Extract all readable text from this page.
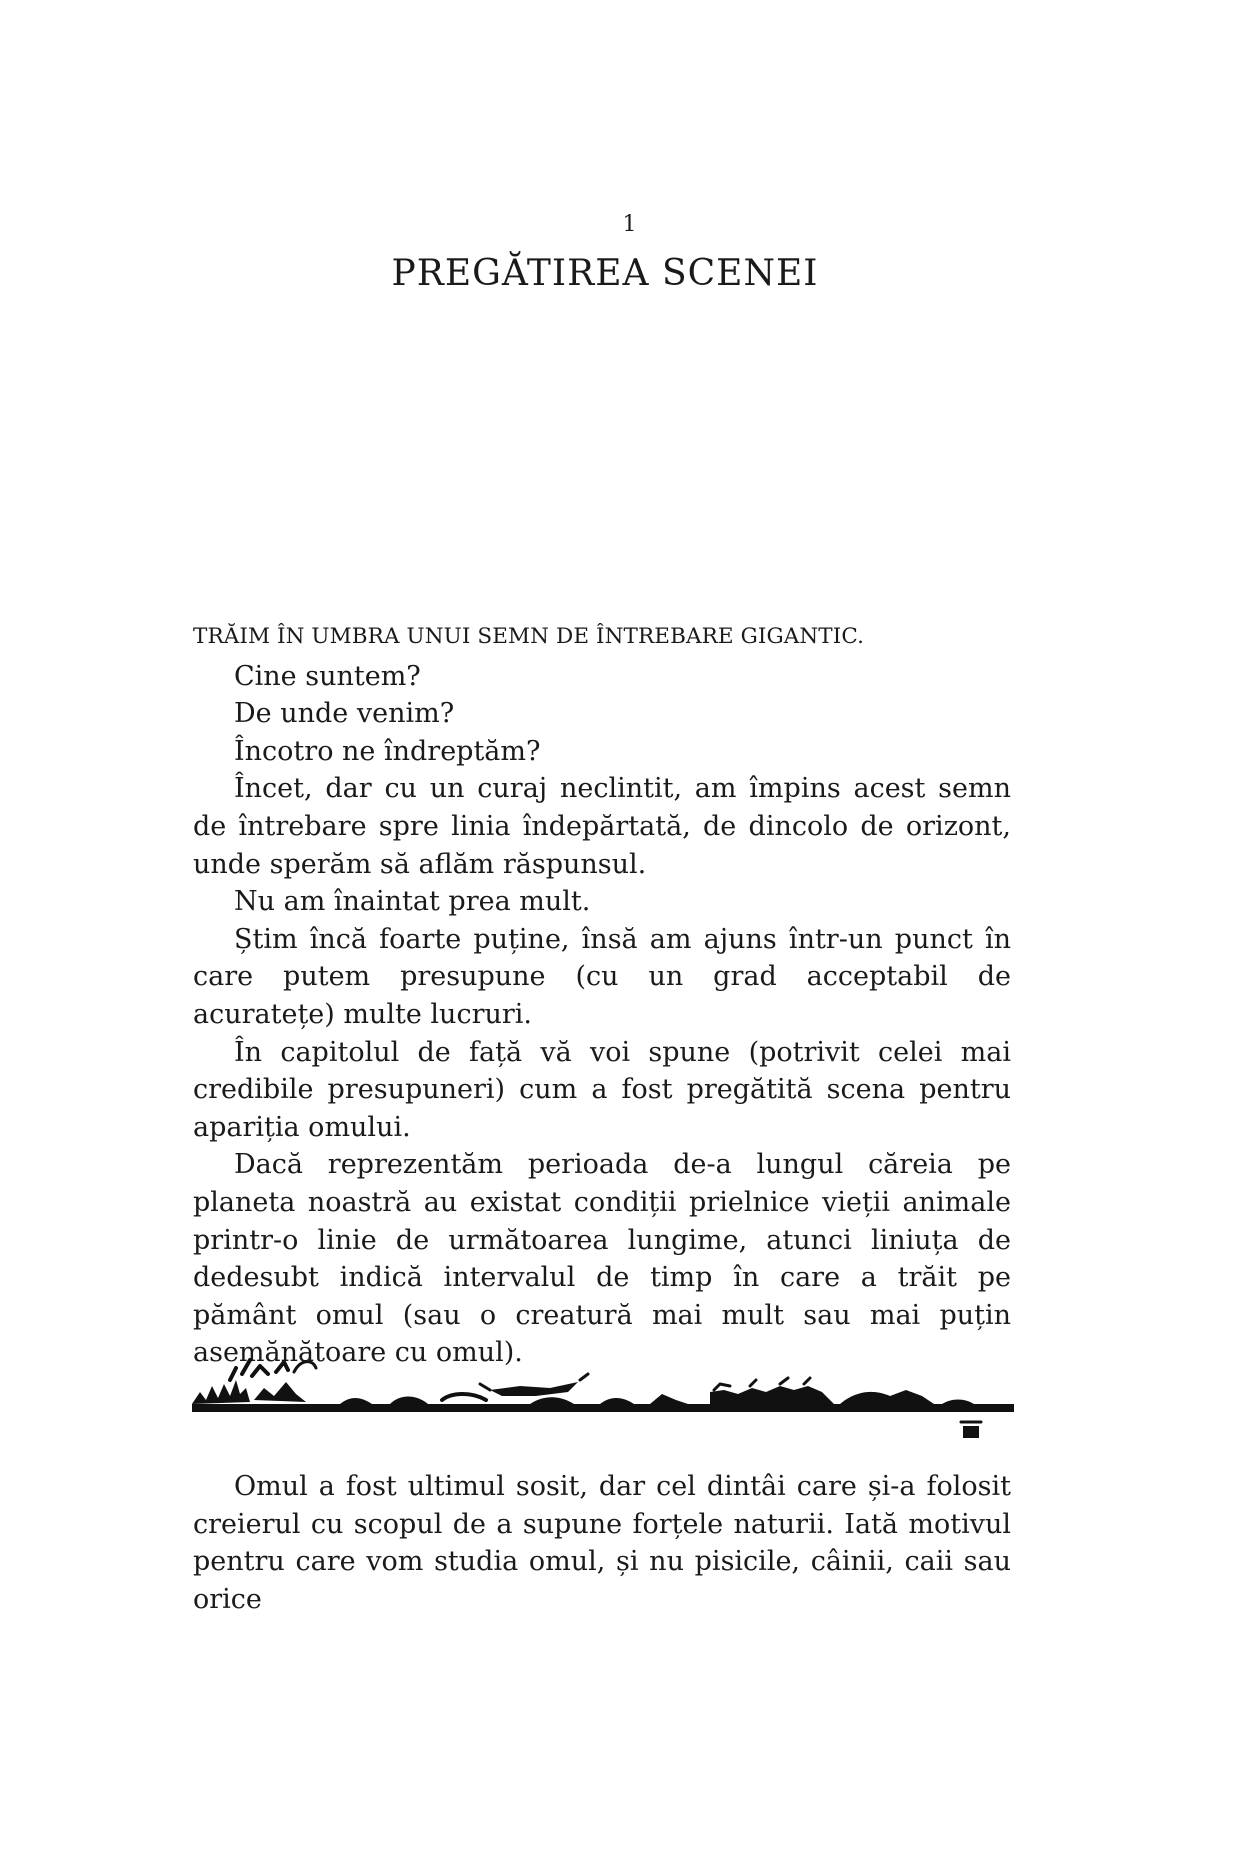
1
PREGĂTIREA SCENEI

TRĂIM ÎN UMBRA UNUI SEMN DE ÎNTREBARE GIGANTIC.

Cine suntem?

De unde venim?

Încotro ne îndreptăm?

Încet, dar cu un curaj neclintit, am împins acest semn de întrebare spre linia îndepărtată, de dincolo de orizont, unde sperăm să aflăm răspunsul.

Nu am înaintat prea mult.

Știm încă foarte puține, însă am ajuns într-un punct în care putem presupune (cu un grad acceptabil de acuratețe) multe lucruri.

În capitolul de față vă voi spune (potrivit celei mai credibile presupuneri) cum a fost pregătită scena pentru apariția omului.

Dacă reprezentăm perioada de-a lungul căreia pe planeta noastră au existat condiții prielnice vieții animale printr-o linie de următoarea lungime, atunci liniuța de dedesubt indică intervalul de timp în care a trăit pe pământ omul (sau o creatură mai mult sau mai puțin asemănătoare cu omul).

Omul a fost ultimul sosit, dar cel dintâi care și-a folosit creierul cu scopul de a supune forțele naturii. Iată motivul pentru care vom studia omul, și nu pisicile, câinii, caii sau orice
